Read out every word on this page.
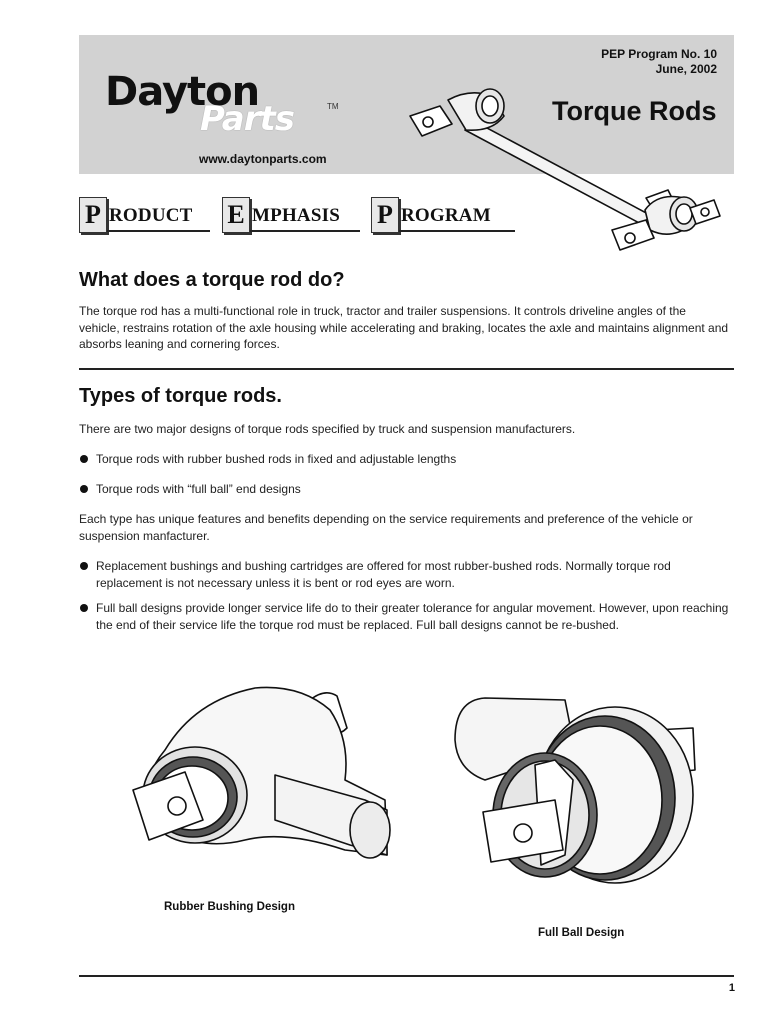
Dayton
Parts	TM
www.daytonparts.com
PEP Program No. 10
June, 2002
Torque Rods
P RODUCT E MPHASIS P ROGRAM
What does a torque rod do?
The torque rod has a multi-functional role in truck, tractor and trailer suspensions. It controls driveline angles of the vehicle, restrains rotation of the axle housing while accelerating and braking, locates the axle and maintains alignment and absorbs leaning and cornering forces.
Types of torque rods.
There are two major designs of torque rods specified by truck and suspension manufacturers.
Torque rods with rubber bushed rods in fixed and adjustable lengths
Torque rods with “full ball” end designs
Each type has unique features and benefits depending on the service requirements and preference of the vehicle or suspension manfacturer.
Replacement bushings and bushing cartridges are offered for most rubber-bushed rods. Normally torque rod replacement is not necessary unless it is bent or rod eyes are worn.
Full ball designs provide longer service life do to their greater tolerance for angular movement. However, upon reaching the end of their service life the torque rod must be replaced. Full ball designs cannot be re-bushed.
Rubber Bushing Design
Full Ball Design
1
